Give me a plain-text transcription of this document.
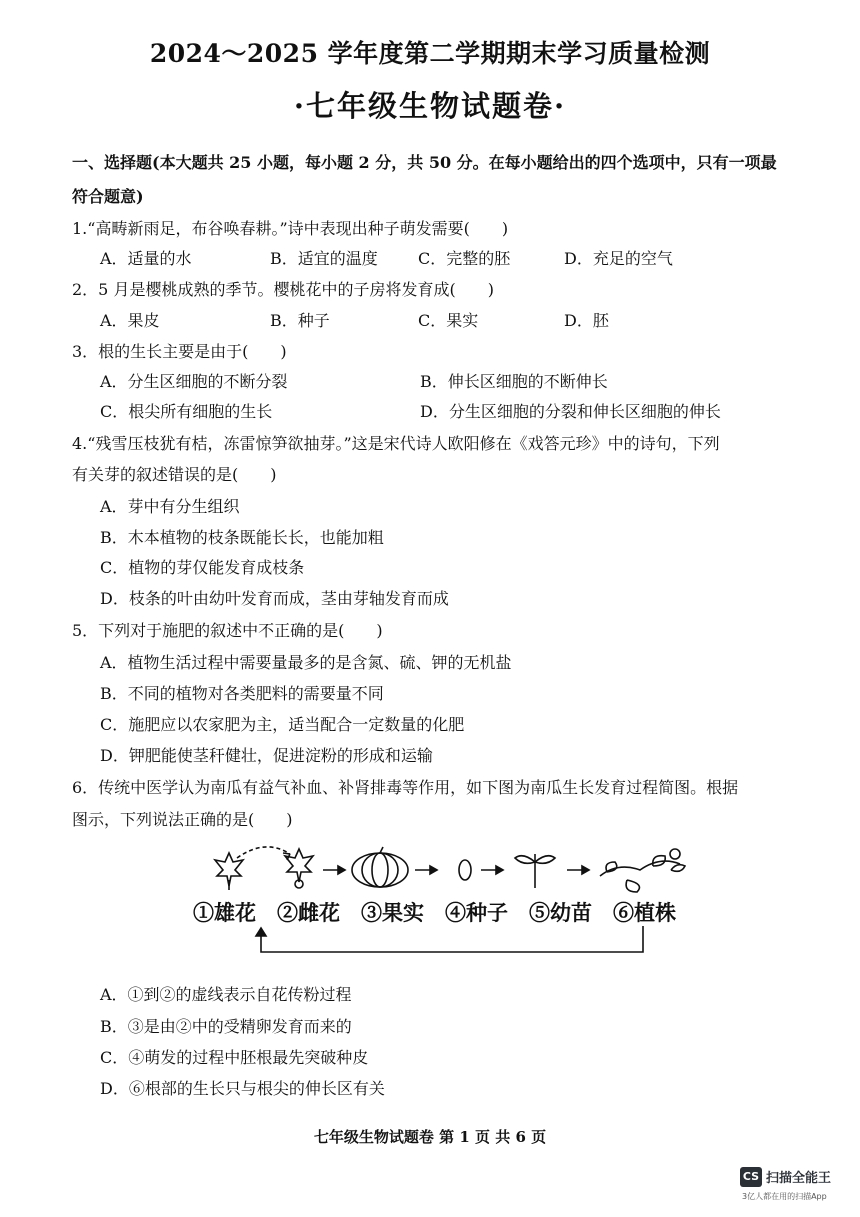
2024～2025 学年度第二学期期末学习质量检测
·七年级生物试题卷·
一、选择题(本大题共 25 小题，每小题 2 分，共 50 分。在每小题给出的四个选项中，只有一项最
符合题意)
1.“高畴新雨足，布谷唤春耕。”诗中表现出种子萌发需要(　　)
A．适量的水	B．适宜的温度	C．完整的胚	D．充足的空气
2．5 月是樱桃成熟的季节。樱桃花中的子房将发育成(　　)
A．果皮	B．种子	C．果实	D．胚
3．根的生长主要是由于(　　)
A．分生区细胞的不断分裂	B．伸长区细胞的不断伸长
C．根尖所有细胞的生长	D．分生区细胞的分裂和伸长区细胞的伸长
4.“残雪压枝犹有桔，冻雷惊笋欲抽芽。”这是宋代诗人欧阳修在《戏答元珍》中的诗句，下列
有关芽的叙述错误的是(　　)
A．芽中有分生组织
B．木本植物的枝条既能长长，也能加粗
C．植物的芽仅能发育成枝条
D．枝条的叶由幼叶发育而成，茎由芽轴发育而成
5．下列对于施肥的叙述中不正确的是(　　)
A．植物生活过程中需要量最多的是含氮、硫、钾的无机盐
B．不同的植物对各类肥料的需要量不同
C．施肥应以农家肥为主，适当配合一定数量的化肥
D．钾肥能使茎秆健壮，促进淀粉的形成和运输
6．传统中医学认为南瓜有益气补血、补肾排毒等作用，如下图为南瓜生长发育过程简图。根据
图示，下列说法正确的是(　　)
①雄花 ②雌花 ③果实 ④种子 ⑤幼苗 ⑥植株
A．①到②的虚线表示自花传粉过程
B．③是由②中的受精卵发育而来的
C．④萌发的过程中胚根最先突破种皮
D．⑥根部的生长只与根尖的伸长区有关
七年级生物试题卷 第 1 页 共 6 页
CS 扫描全能王
3亿人都在用的扫描App
